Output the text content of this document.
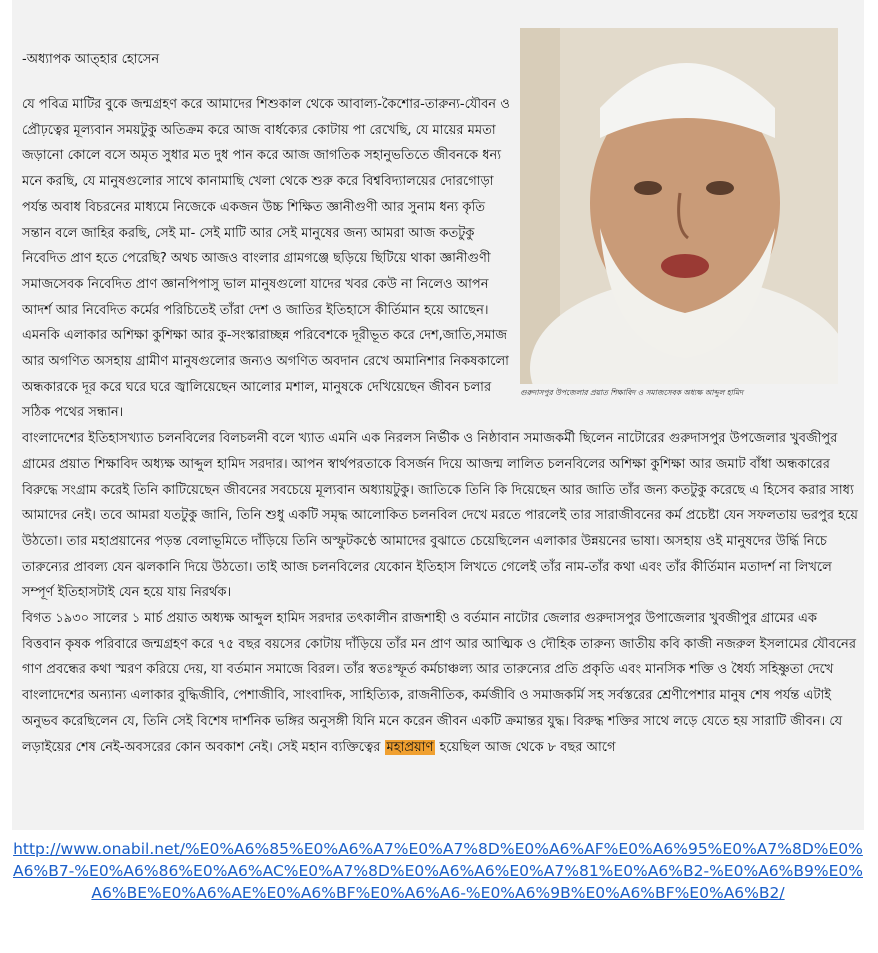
-অধ্যাপক আত্হার হোসেন
গুরুদাসপুর উপজেলার প্রয়াত শিক্ষাবিদ ও সমাজসেবক অধ্যক্ষ আব্দুল হামিদ

যে পবিত্র মাটির বুকে জন্মগ্রহণ করে আমাদের শিশুকাল থেকে আবাল্য-কৈশোর-তারুন্য-যৌবন ও প্রৌঢ়ত্বের মূল্যবান সময়টুকু অতিক্রম করে আজ বার্ধক্যের কোটায় পা রেখেছি, যে মায়ের মমতা জড়ানো কোলে বসে অমৃত সুধার মত দুধ পান করে আজ জাগতিক সহানুভতিতে জীবনকে ধন্য মনে করছি, যে মানুষগুলোর সাথে কানামাছি খেলা থেকে শুরু করে বিশ্ববিদ্যালয়ের দোরগোড়া পর্যন্ত অবাধ বিচরনের মাধ্যমে নিজেকে একজন উচ্চ শিক্ষিত জ্ঞানীগুণী আর সুনাম ধন্য কৃতি সন্তান বলে জাহির করছি, সেই মা- সেই মাটি আর সেই মানুষের জন্য আমরা আজ কতটুকু নিবেদিত প্রাণ হতে পেরেছি? অথচ আজও বাংলার গ্রামগঞ্জে ছড়িয়ে ছিটিয়ে থাকা জ্ঞানীগুণী সমাজসেবক নিবেদিত প্রাণ জ্ঞানপিপাসু ভাল মানুষগুলো যাদের খবর কেউ না নিলেও আপন আদর্শ আর নিবেদিত কর্মের পরিচিতেই তাঁরা দেশ ও জাতির ইতিহাসে কীর্তিমান হয়ে আছেন। এমনকি এলাকার অশিক্ষা কুশিক্ষা আর কু-সংস্কারাচ্ছন্ন পরিবেশকে দূরীভূত করে দেশ,জাতি,সমাজ আর অগণিত অসহায় গ্রামীণ মানুষগুলোর জন্যও অগণিত অবদান রেখে অমানিশার নিকষকালো অন্ধকারকে দূর করে ঘরে ঘরে জ্বালিয়েছেন আলোর মশাল, মানুষকে দেখিয়েছেন জীবন চলার সঠিক পথের সন্ধান।

বাংলাদেশের ইতিহাসখ্যাত চলনবিলের বিলচলনী বলে খ্যাত এমনি এক নিরলস নির্ভীক ও নিষ্ঠাবান সমাজকর্মী ছিলেন নাটোরের গুরুদাসপুর উপজেলার খুবজীপুর গ্রামের প্রয়াত শিক্ষাবিদ অধ্যক্ষ আব্দুল হামিদ সরদার। আপন স্বার্থপরতাকে বিসর্জন দিয়ে আজন্ম লালিত চলনবিলের অশিক্ষা কুশিক্ষা আর জমাট বাঁধা অন্ধকারের বিরুদ্ধে সংগ্রাম করেই তিনি কাটিয়েছেন জীবনের সবচেয়ে মূল্যবান অধ্যায়টুকু। জাতিকে তিনি কি দিয়েছেন আর জাতি তাঁর জন্য কতটুকু করেছে এ হিসেব করার সাধ্য আমাদের নেই। তবে আমরা যতটুকু জানি, তিনি শুধু একটি সমৃদ্ধ আলোকিত চলনবিল দেখে মরতে পারলেই তার সারাজীবনের কর্ম প্রচেষ্টা যেন সফলতায় ভরপুর হয়ে উঠতো। তার মহাপ্রয়ানের পড়ন্ত বেলাভূমিতে দাঁড়িয়ে তিনি অস্ফুটকণ্ঠে আমাদের বুঝাতে চেয়েছিলেন এলাকার উন্নয়নের ভাষা। অসহায় ওই মানুষদের উর্দ্ধি নিচে তারুন্যের প্রাবল্য যেন ঝলকানি দিয়ে উঠতো। তাই আজ চলনবিলের যেকোন ইতিহাস লিখতে গেলেই তাঁর নাম-তাঁর কথা এবং তাঁর কীর্তিমান মতাদর্শ না লিখলে সম্পূর্ণ ইতিহাসটাই যেন হয়ে যায় নিরর্থক।

বিগত ১৯৩০ সালের ১ মার্চ প্রয়াত অধ্যক্ষ আব্দুল হামিদ সরদার তৎকালীন রাজশাহী ও বর্তমান নাটোর জেলার গুরুদাসপুর উপাজেলার খুবজীপুর গ্রামের এক বিত্তবান কৃষক পরিবারে জন্মগ্রহণ করে ৭৫ বছর বয়সের কোটায় দাঁড়িয়ে তাঁর মন প্রাণ আর আত্মিক ও দৌহিক তারুন্য জাতীয় কবি কাজী নজরুল ইসলামের যৌবনের গাণ প্রবন্ধের কথা স্মরণ করিয়ে দেয়, যা বর্তমান সমাজে বিরল। তাঁর স্বতঃস্ফূর্ত কর্মচাঞ্চল্য আর তারুন্যের প্রতি প্রকৃতি এবং মানসিক শক্তি ও ধৈর্য্য সহিষ্ণুতা দেখে বাংলাদেশের অন্যান্য এলাকার বুদ্ধিজীবি, পেশাজীবি, সাংবাদিক, সাহিত্যিক, রাজনীতিক, কর্মজীবি ও সমাজকর্মি সহ সর্বস্তরের শ্রেণীপেশার মানুষ শেষ পর্যন্ত এটাই অনুভব করেছিলেন যে, তিনি সেই বিশেষ দার্শনিক ভঙ্গির অনুসঙ্গী যিনি মনে করেন জীবন একটি ক্রমান্তর যুদ্ধ। বিরুদ্ধ শক্তির সাথে লড়ে যেতে হয় সারাটি জীবন। যে লড়াইয়ের শেষ নেই-অবসরের কোন অবকাশ নেই। সেই মহান ব্যক্তিত্বের মহাপ্রয়াণ হয়েছিল আজ থেকে ৮ বছর আগে

http://www.onabil.net/%E0%A6%85%E0%A6%A7%E0%A7%8D%E0%A6%AF%E0%A6%95%E0%A7%8D%E0%A6%B7-%E0%A6%86%E0%A6%AC%E0%A7%8D%E0%A6%A6%E0%A7%81%E0%A6%B2-%E0%A6%B9%E0%A6%BE%E0%A6%AE%E0%A6%BF%E0%A6%A6-%E0%A6%9B%E0%A6%BF%E0%A6%B2/
